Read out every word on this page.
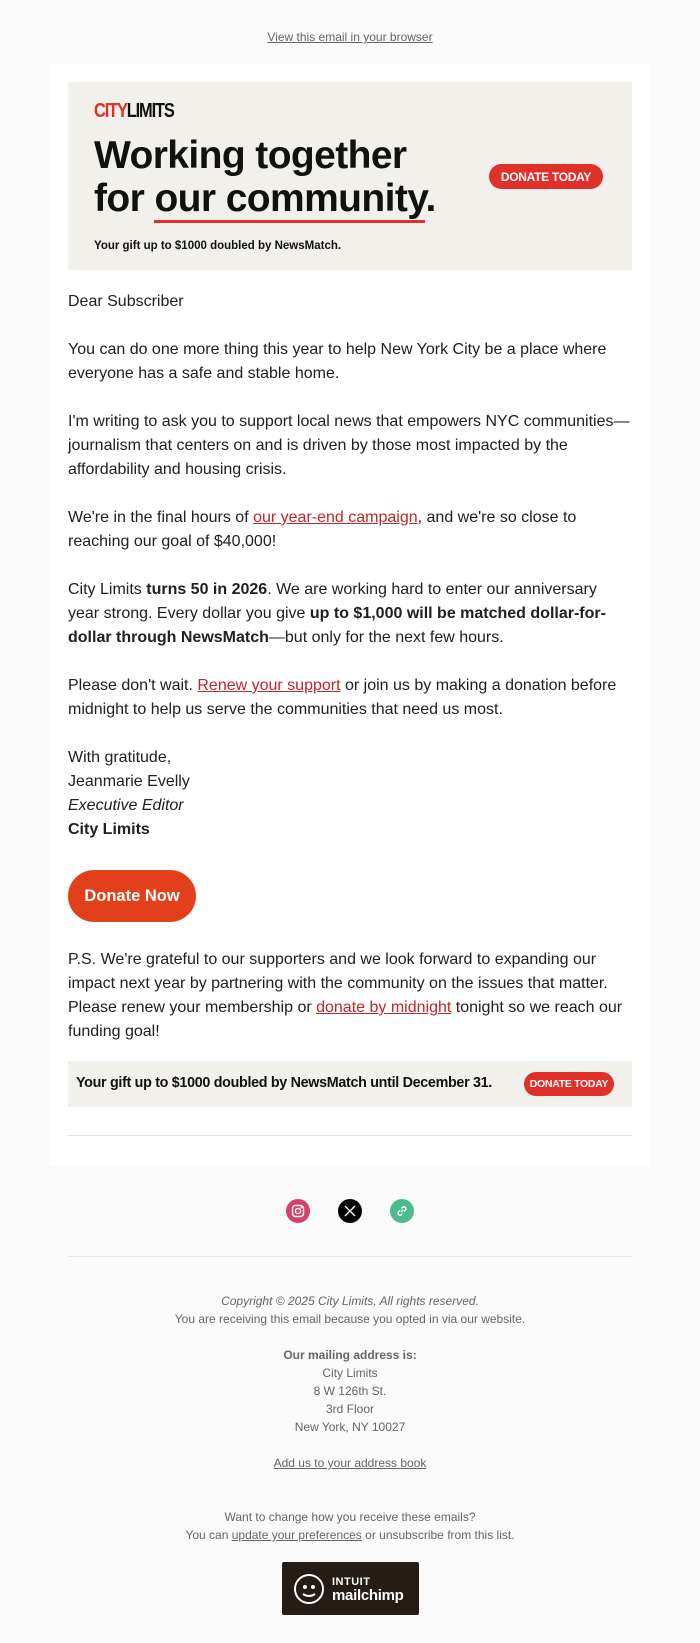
View this email in your browser
CITYLIMITS
Working together
for our community.
Your gift up to $1000 doubled by NewsMatch.
DONATE TODAY

Dear Subscriber

You can do one more thing this year to help New York City be a place where everyone has a safe and stable home.

I'm writing to ask you to support local news that empowers NYC communities—journalism that centers on and is driven by those most impacted by the affordability and housing crisis.

We're in the final hours of our year-end campaign, and we're so close to reaching our goal of $40,000!

City Limits turns 50 in 2026. We are working hard to enter our anniversary year strong. Every dollar you give up to $1,000 will be matched dollar-for-dollar through NewsMatch—but only for the next few hours.

Please don't wait. Renew your support or join us by making a donation before midnight to help us serve the communities that need us most.

With gratitude,

Jeanmarie Evelly

Executive Editor

City Limits

Donate Now
P.S. We're grateful to our supporters and we look forward to expanding our impact next year by partnering with the community on the issues that matter. Please renew your membership or donate by midnight tonight so we reach our funding goal!
Your gift up to $1000 doubled by NewsMatch until December 31.	DONATE TODAY
Copyright © 2025 City Limits, All rights reserved.
You are receiving this email because you opted in via our website.
Our mailing address is:
City Limits
8 W 126th St.
3rd Floor
New York, NY 10027
Add us to your address book
Want to change how you receive these emails?
You can update your preferences or unsubscribe from this list.
INTUIT
mailchimp
